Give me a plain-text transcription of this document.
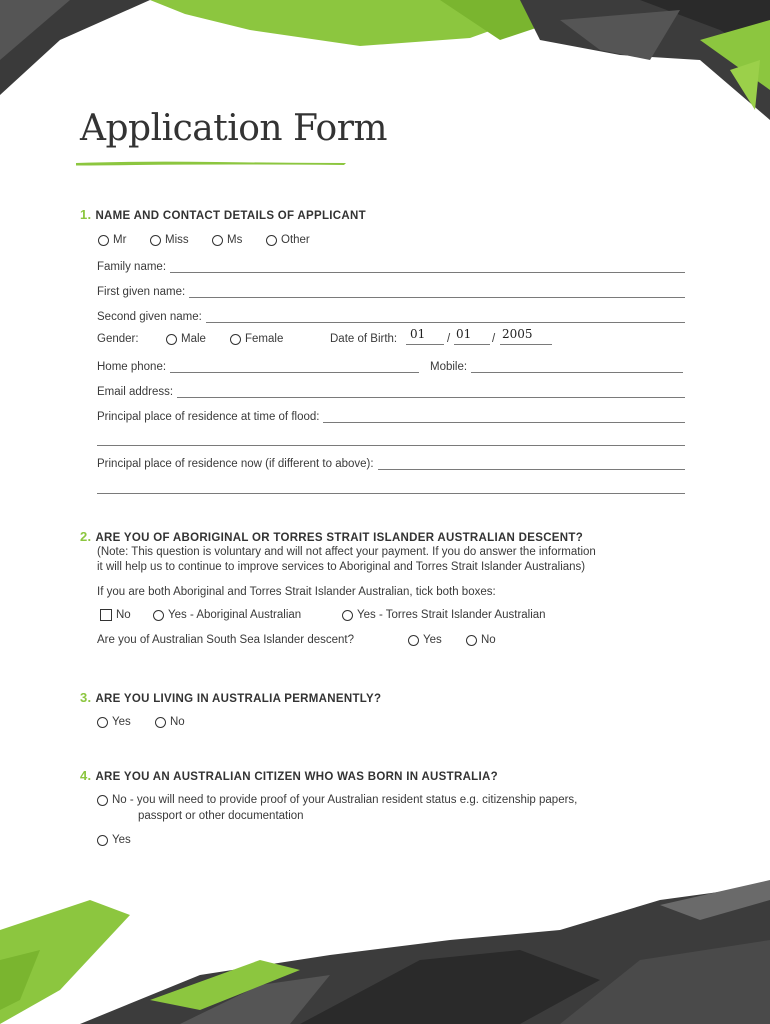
Application Form
1. NAME AND CONTACT DETAILS OF APPLICANT
Mr	Miss	Ms	Other
Family name:
First given name:
Second given name:
Gender:	Male	Female	Date of Birth: 01 / 01 / 2005
Home phone:	Mobile:
Email address:
Principal place of residence at time of flood:
Principal place of residence now (if different to above):
2. ARE YOU OF ABORIGINAL OR TORRES STRAIT ISLANDER AUSTRALIAN DESCENT?
(Note: This question is voluntary and will not affect your payment. If you do answer the information
it will help us to continue to improve services to Aboriginal and Torres Strait Islander Australians)
If you are both Aboriginal and Torres Strait Islander Australian, tick both boxes:
No	Yes - Aboriginal Australian	Yes - Torres Strait Islander Australian
Are you of Australian South Sea Islander descent?	Yes	No
3. ARE YOU LIVING IN AUSTRALIA PERMANENTLY?
Yes	No
4. ARE YOU AN AUSTRALIAN CITIZEN WHO WAS BORN IN AUSTRALIA?
No - you will need to provide proof of your Australian resident status e.g. citizenship papers,
passport or other documentation
Yes
